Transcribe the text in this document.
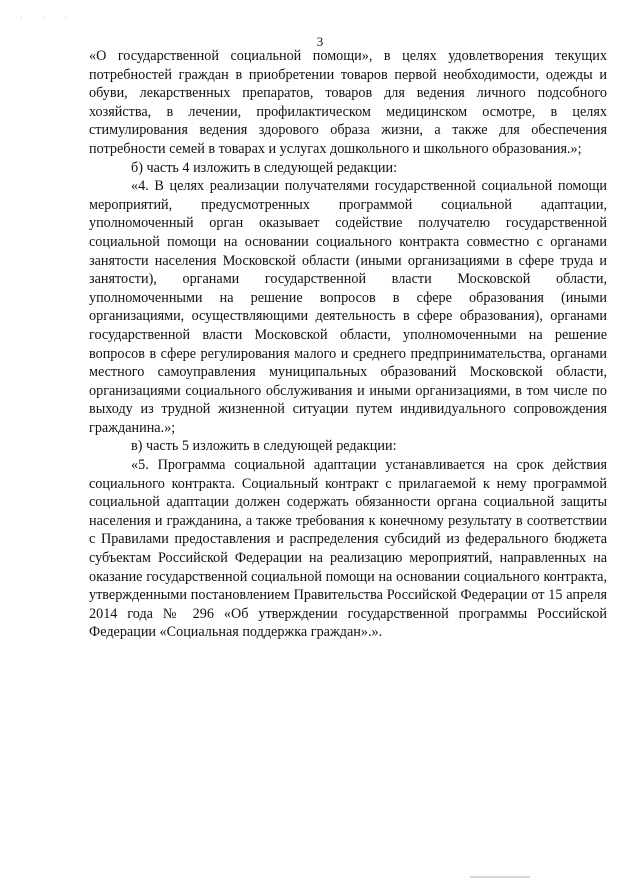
· · ·
3

«О государственной социальной помощи», в целях удовлетворения текущих потребностей граждан в приобретении товаров первой необходимости, одежды и обуви, лекарственных препаратов, товаров для ведения личного подсобного хозяйства, в лечении, профилактическом медицинском осмотре, в целях стимулирования ведения здорового образа жизни, а также для обеспечения потребности семей в товарах и услугах дошкольного и школьного образования.»;

б) часть 4 изложить в следующей редакции:

«4. В целях реализации получателями государственной социальной помощи мероприятий, предусмотренных программой социальной адаптации, уполномоченный орган оказывает содействие получателю государственной социальной помощи на основании социального контракта совместно с органами занятости населения Московской области (иными организациями в сфере труда и занятости), органами государственной власти Московской области, уполномоченными на решение вопросов в сфере образования (иными организациями, осуществляющими деятельность в сфере образования), органами государственной власти Московской области, уполномоченными на решение вопросов в сфере регулирования малого и среднего предпринимательства, органами местного самоуправления муниципальных образований Московской области, организациями социального обслуживания и иными организациями, в том числе по выходу из трудной жизненной ситуации путем индивидуального сопровождения гражданина.»;

в) часть 5 изложить в следующей редакции:

«5. Программа социальной адаптации устанавливается на срок действия социального контракта. Социальный контракт с прилагаемой к нему программой социальной адаптации должен содержать обязанности органа социальной защиты населения и гражданина, а также требования к конечному результату в соответствии с Правилами предоставления и распределения субсидий из федерального бюджета субъектам Российской Федерации на реализацию мероприятий, направленных на оказание государственной социальной помощи на основании социального контракта, утвержденными постановлением Правительства Российской Федерации от 15 апреля 2014 года № 296 «Об утверждении государственной программы Российской Федерации «Социальная поддержка граждан».».
